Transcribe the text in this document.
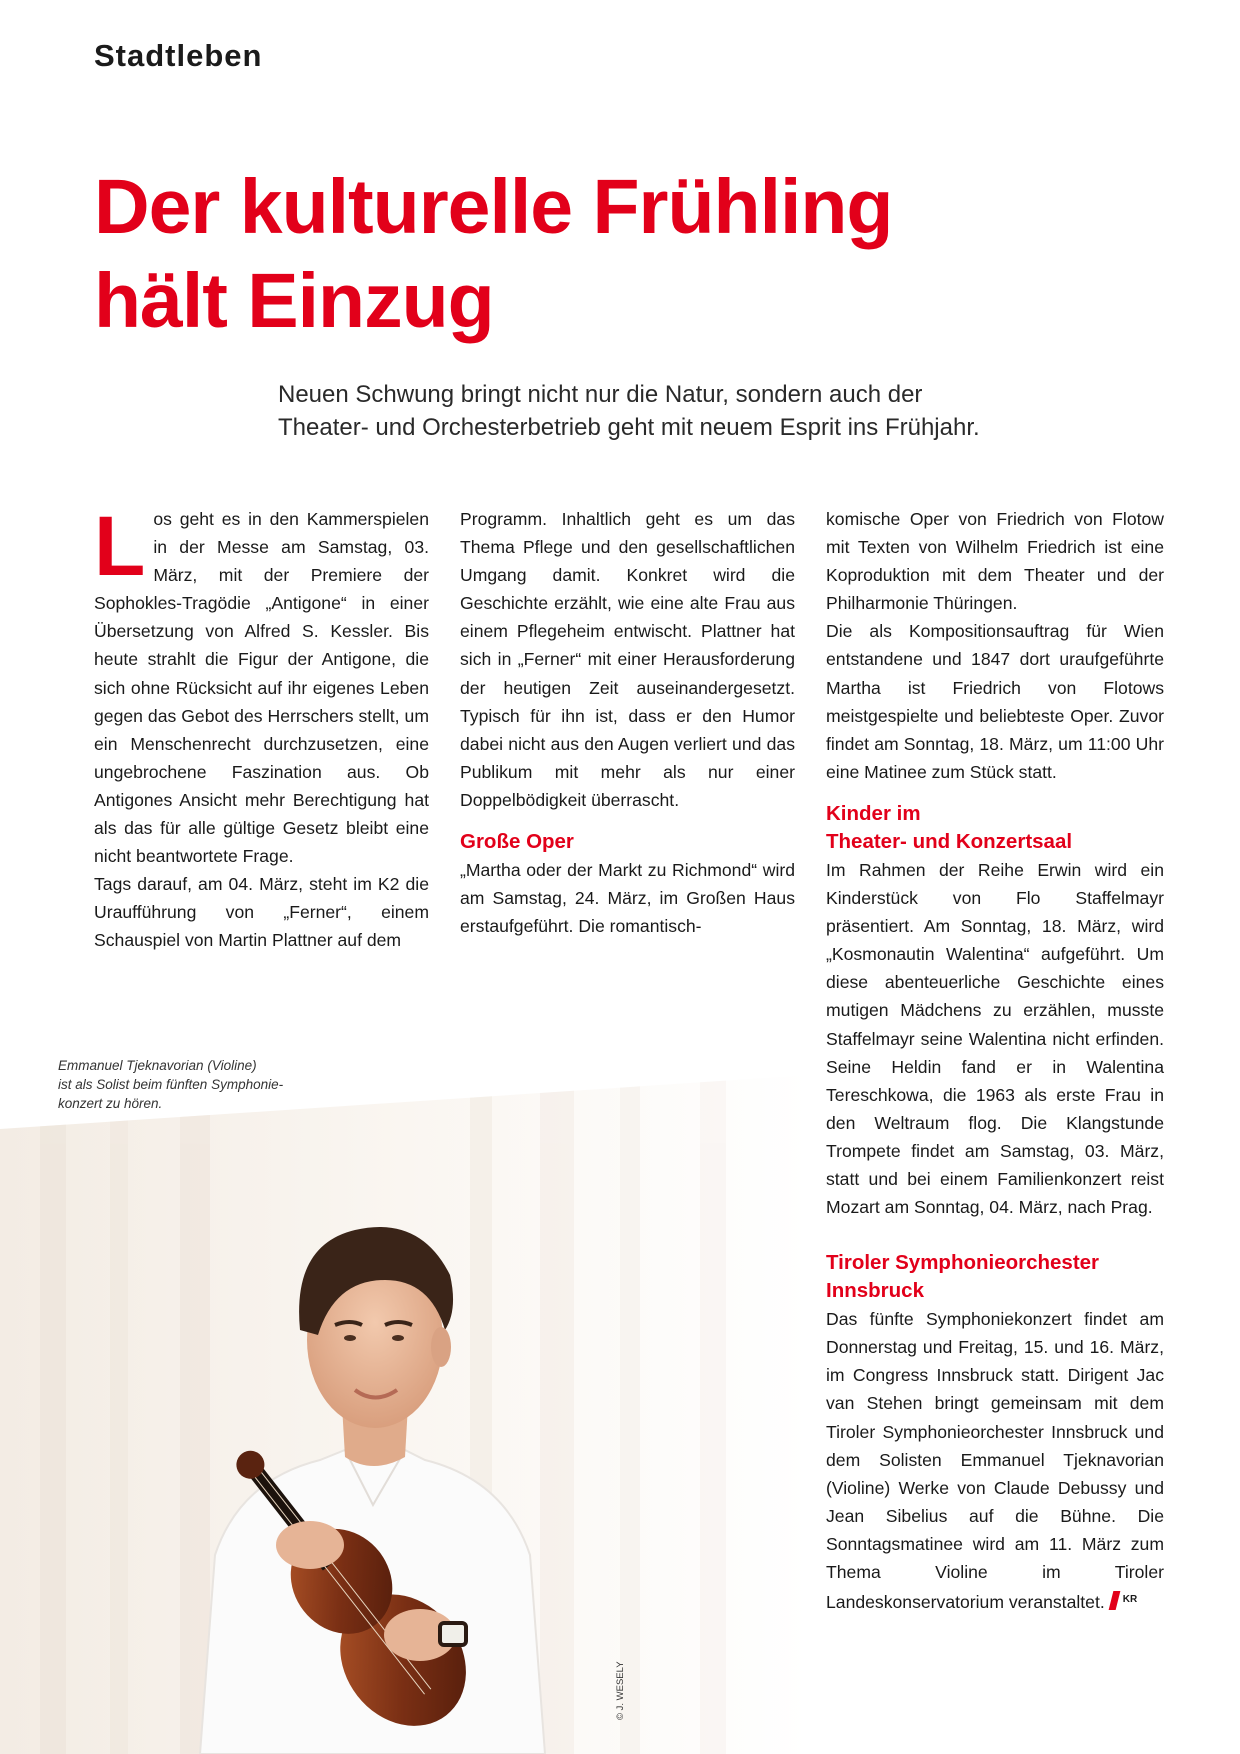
Stadtleben
Der kulturelle Frühling
hält Einzug

Neuen Schwung bringt nicht nur die Natur, sondern auch der
Theater- und Orchesterbetrieb geht mit neuem Esprit ins Frühjahr.

L os geht es in den Kammerspielen in der Messe am Samstag, 03. März, mit der Premiere der Sophokles-Tragödie „Antigone“ in einer Übersetzung von Alfred S. Kessler. Bis heute strahlt die Figur der Antigone, die sich ohne Rücksicht auf ihr eigenes Leben gegen das Gebot des Herrschers stellt, um ein Menschenrecht durchzusetzen, eine ungebrochene Faszination aus. Ob Antigones Ansicht mehr Berechtigung hat als das für alle gültige Gesetz bleibt eine nicht beantwortete Frage.

Tags darauf, am 04. März, steht im K2 die Uraufführung von „Ferner“, einem Schauspiel von Martin Plattner auf dem

Programm. Inhaltlich geht es um das Thema Pflege und den gesellschaftlichen Umgang damit. Konkret wird die Geschichte erzählt, wie eine alte Frau aus einem Pflegeheim entwischt. Plattner hat sich in „Ferner“ mit einer Herausforderung der heutigen Zeit auseinandergesetzt. Typisch für ihn ist, dass er den Humor dabei nicht aus den Augen verliert und das Publikum mit mehr als nur einer Doppelbödigkeit überrascht.

Große Oper

„Martha oder der Markt zu Richmond“ wird am Samstag, 24. März, im Großen Haus erstaufgeführt. Die romantisch-

komische Oper von Friedrich von Flotow mit Texten von Wilhelm Friedrich ist eine Koproduktion mit dem Theater und der Philharmonie Thüringen.

Die als Kompositionsauftrag für Wien entstandene und 1847 dort uraufgeführte Martha ist Friedrich von Flotows meistgespielte und beliebteste Oper. Zuvor findet am Sonntag, 18. März, um 11:00 Uhr eine Matinee zum Stück statt.

Kinder im
Theater- und Konzertsaal

Im Rahmen der Reihe Erwin wird ein Kinderstück von Flo Staffelmayr präsentiert. Am Sonntag, 18. März, wird „Kosmonautin Walentina“ aufgeführt. Um diese abenteuerliche Geschichte eines mutigen Mädchens zu erzählen, musste Staffelmayr seine Walentina nicht erfinden. Seine Heldin fand er in Walentina Tereschkowa, die 1963 als erste Frau in den Weltraum flog. Die Klangstunde Trompete findet am Samstag, 03. März, statt und bei einem Familienkonzert reist Mozart am Sonntag, 04. März, nach Prag.

Tiroler Symphonieorchester
Innsbruck

Das fünfte Symphoniekonzert findet am Donnerstag und Freitag, 15. und 16. März, im Congress Innsbruck statt. Dirigent Jac van Stehen bringt gemeinsam mit dem Tiroler Symphonieorchester Innsbruck und dem Solisten Emmanuel Tjeknavorian (Violine) Werke von Claude Debussy und Jean Sibelius auf die Bühne. Die Sonntagsmatinee wird am 11. März zum Thema Violine im Tiroler Landeskonservatorium veranstaltet. $^{KR}$

Emmanuel Tjeknavorian (Violine)
ist als Solist beim fünften Symphonie-
konzert zu hören.
© J. WESELY
